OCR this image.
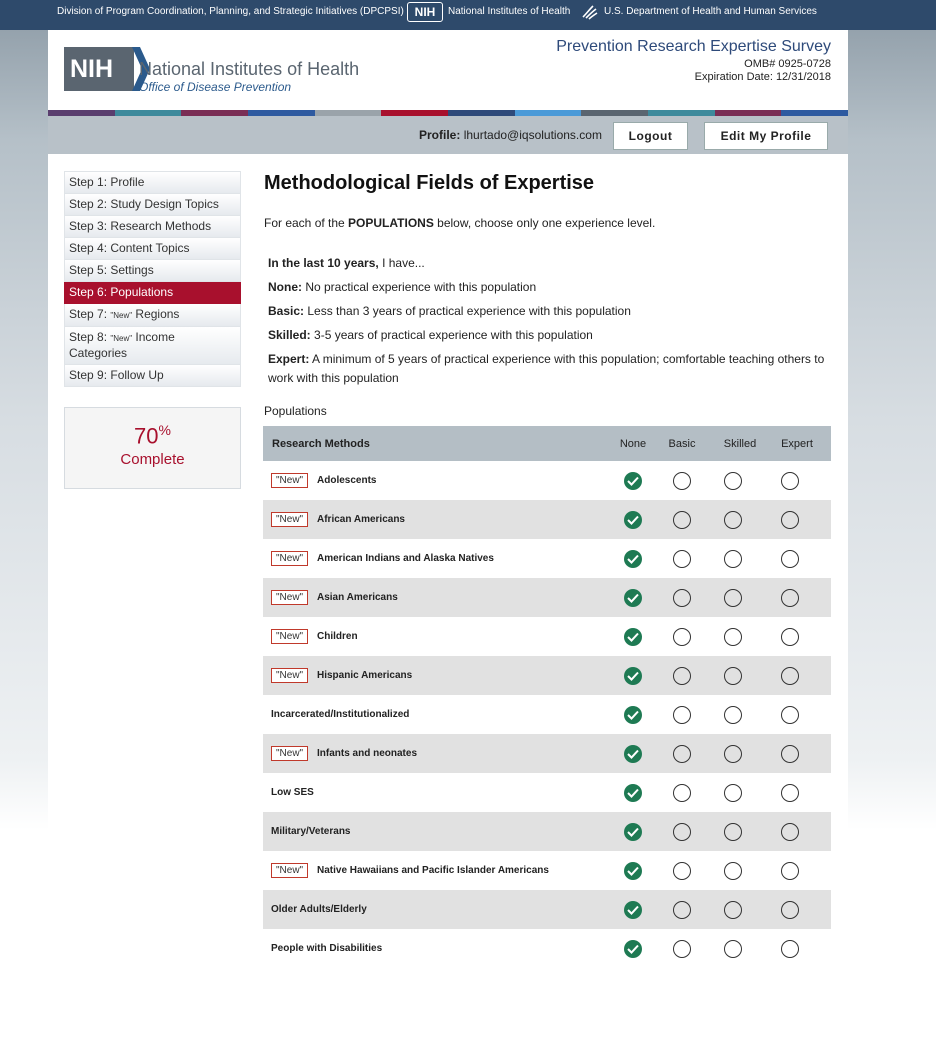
Division of Program Coordination, Planning, and Strategic Initiatives (DPCPSI) NIH	National Institutes of Health	U.S. Department of Health and Human Services
NIH	National Institutes of Health
Office of Disease Prevention
Prevention Research Expertise Survey
OMB# 0925-0728
Expiration Date: 12/31/2018
Profile: lhurtado@iqsolutions.com	Logout	Edit My Profile
Step 1: Profile
Step 2: Study Design Topics
Step 3: Research Methods
Step 4: Content Topics
Step 5: Settings
Step 6: Populations
Step 7: "New" Regions
Step 8: "New" Income Categories
Step 9: Follow Up
70%
Complete
Methodological Fields of Expertise
For each of the POPULATIONS below, choose only one experience level.

In the last 10 years, I have...

None: No practical experience with this population

Basic: Less than 3 years of practical experience with this population

Skilled: 3-5 years of practical experience with this population

Expert: A minimum of 5 years of practical experience with this population; comfortable teaching others to work with this population

Populations
Research Methods	None	Basic	Skilled	Expert
"New"	Adolescents
"New"	African Americans
"New"	American Indians and Alaska Natives
"New"	Asian Americans
"New"	Children
"New"	Hispanic Americans
Incarcerated/Institutionalized
"New"	Infants and neonates
Low SES
Military/Veterans
"New"	Native Hawaiians and Pacific Islander Americans
Older Adults/Elderly
People with Disabilities
